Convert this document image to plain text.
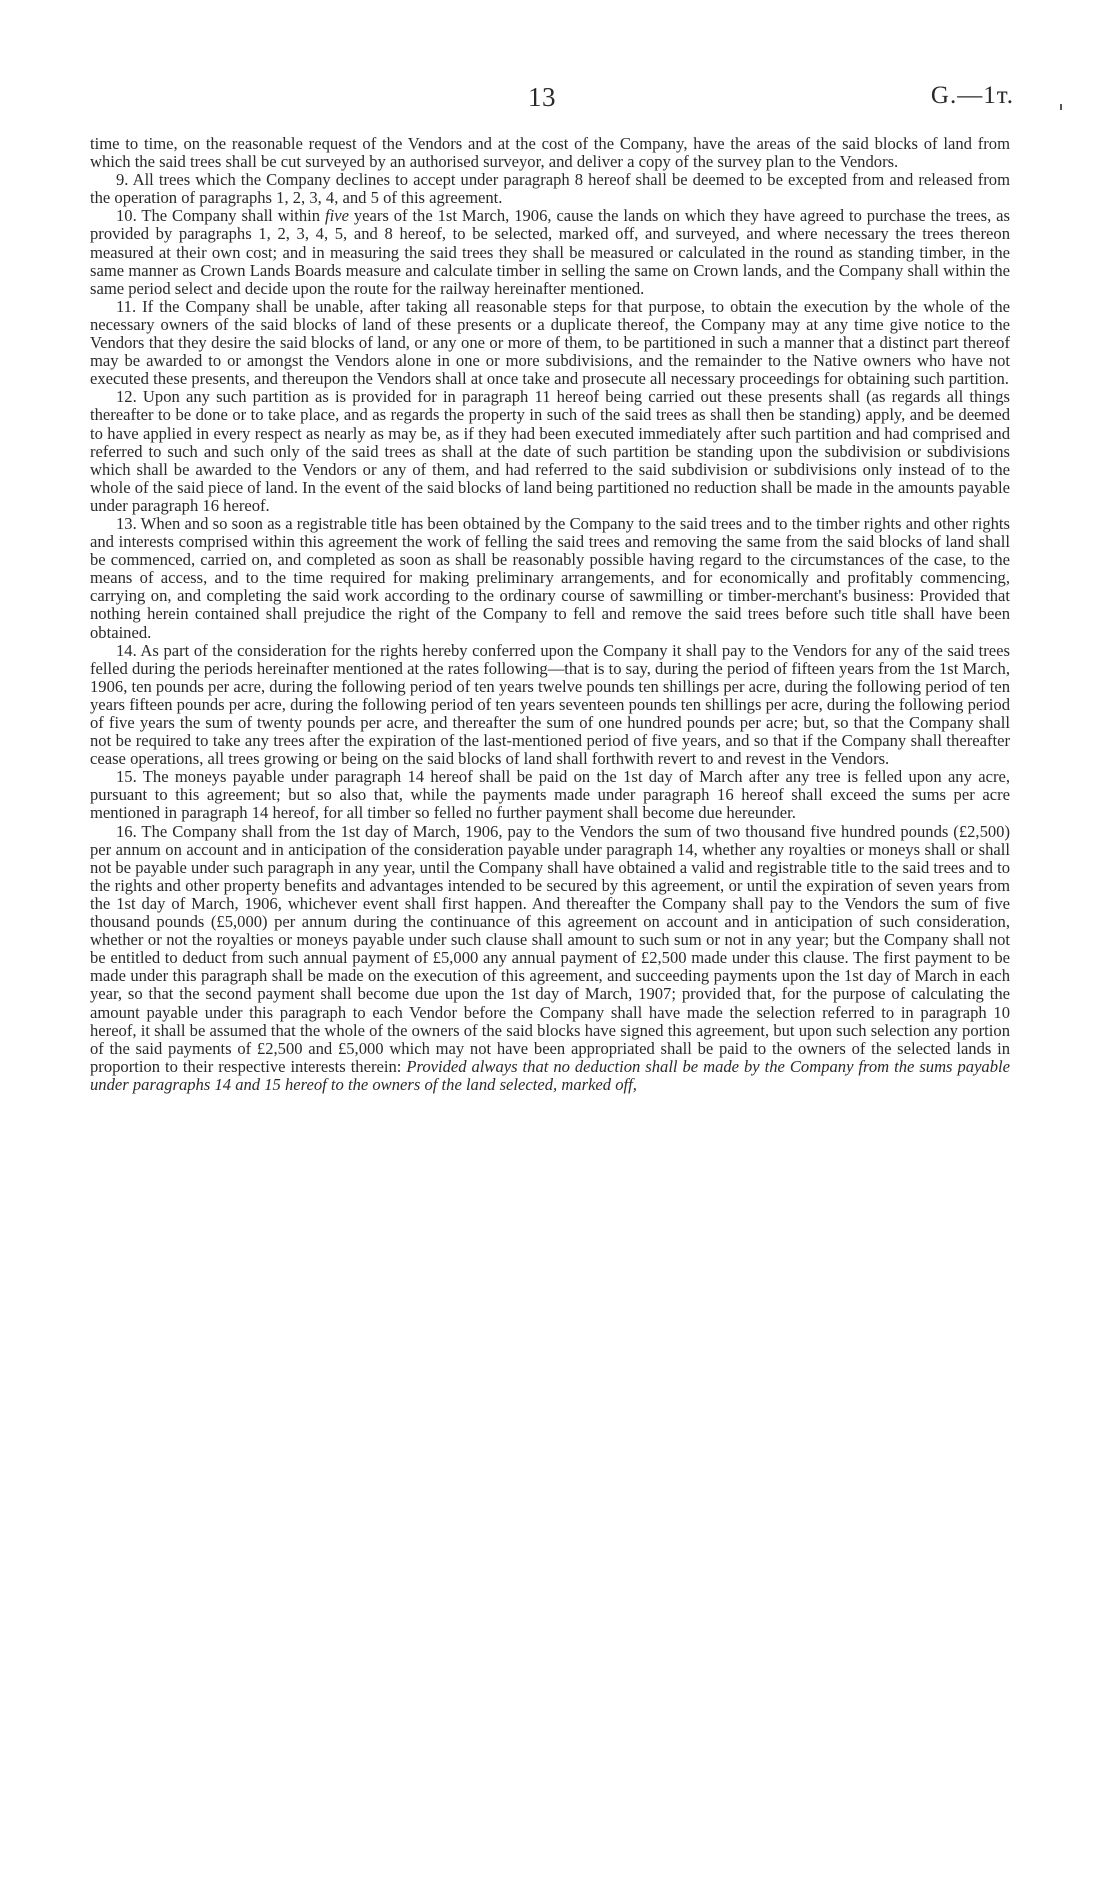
13	G.—1т.

time to time, on the reasonable request of the Vendors and at the cost of the Company, have the areas of the said blocks of land from which the said trees shall be cut surveyed by an authorised surveyor, and deliver a copy of the survey plan to the Vendors.

9. All trees which the Company declines to accept under paragraph 8 hereof shall be deemed to be excepted from and released from the operation of paragraphs 1, 2, 3, 4, and 5 of this agreement.

10. The Company shall within five years of the 1st March, 1906, cause the lands on which they have agreed to purchase the trees, as provided by paragraphs 1, 2, 3, 4, 5, and 8 hereof, to be selected, marked off, and surveyed, and where necessary the trees thereon measured at their own cost; and in measuring the said trees they shall be measured or calculated in the round as standing timber, in the same manner as Crown Lands Boards measure and calculate timber in selling the same on Crown lands, and the Company shall within the same period select and decide upon the route for the railway hereinafter mentioned.

11. If the Company shall be unable, after taking all reasonable steps for that purpose, to obtain the execution by the whole of the necessary owners of the said blocks of land of these presents or a duplicate thereof, the Company may at any time give notice to the Vendors that they desire the said blocks of land, or any one or more of them, to be partitioned in such a manner that a distinct part thereof may be awarded to or amongst the Vendors alone in one or more subdivisions, and the remainder to the Native owners who have not executed these presents, and thereupon the Vendors shall at once take and prosecute all necessary proceedings for obtaining such partition.

12. Upon any such partition as is provided for in paragraph 11 hereof being carried out these presents shall (as regards all things thereafter to be done or to take place, and as regards the property in such of the said trees as shall then be standing) apply, and be deemed to have applied in every respect as nearly as may be, as if they had been executed immediately after such partition and had comprised and referred to such and such only of the said trees as shall at the date of such partition be standing upon the subdivision or subdivisions which shall be awarded to the Vendors or any of them, and had referred to the said subdivision or subdivisions only instead of to the whole of the said piece of land. In the event of the said blocks of land being partitioned no reduction shall be made in the amounts payable under paragraph 16 hereof.

13. When and so soon as a registrable title has been obtained by the Company to the said trees and to the timber rights and other rights and interests comprised within this agreement the work of felling the said trees and removing the same from the said blocks of land shall be commenced, carried on, and completed as soon as shall be reasonably possible having regard to the circumstances of the case, to the means of access, and to the time required for making preliminary arrangements, and for economically and profitably commencing, carrying on, and completing the said work according to the ordinary course of sawmilling or timber-merchant's business: Provided that nothing herein contained shall prejudice the right of the Company to fell and remove the said trees before such title shall have been obtained.

14. As part of the consideration for the rights hereby conferred upon the Company it shall pay to the Vendors for any of the said trees felled during the periods hereinafter mentioned at the rates following—that is to say, during the period of fifteen years from the 1st March, 1906, ten pounds per acre, during the following period of ten years twelve pounds ten shillings per acre, during the following period of ten years fifteen pounds per acre, during the following period of ten years seventeen pounds ten shillings per acre, during the following period of five years the sum of twenty pounds per acre, and thereafter the sum of one hundred pounds per acre; but, so that the Company shall not be required to take any trees after the expiration of the last-mentioned period of five years, and so that if the Company shall thereafter cease operations, all trees growing or being on the said blocks of land shall forthwith revert to and revest in the Vendors.

15. The moneys payable under paragraph 14 hereof shall be paid on the 1st day of March after any tree is felled upon any acre, pursuant to this agreement; but so also that, while the payments made under paragraph 16 hereof shall exceed the sums per acre mentioned in paragraph 14 hereof, for all timber so felled no further payment shall become due hereunder.

16. The Company shall from the 1st day of March, 1906, pay to the Vendors the sum of two thousand five hundred pounds (£2,500) per annum on account and in anticipation of the consideration payable under paragraph 14, whether any royalties or moneys shall or shall not be payable under such paragraph in any year, until the Company shall have obtained a valid and registrable title to the said trees and to the rights and other property benefits and advantages intended to be secured by this agreement, or until the expiration of seven years from the 1st day of March, 1906, whichever event shall first happen. And thereafter the Company shall pay to the Vendors the sum of five thousand pounds (£5,000) per annum during the continuance of this agreement on account and in anticipation of such consideration, whether or not the royalties or moneys payable under such clause shall amount to such sum or not in any year; but the Company shall not be entitled to deduct from such annual payment of £5,000 any annual payment of £2,500 made under this clause. The first payment to be made under this paragraph shall be made on the execution of this agreement, and succeeding payments upon the 1st day of March in each year, so that the second payment shall become due upon the 1st day of March, 1907; provided that, for the purpose of calculating the amount payable under this paragraph to each Vendor before the Company shall have made the selection referred to in paragraph 10 hereof, it shall be assumed that the whole of the owners of the said blocks have signed this agreement, but upon such selection any portion of the said payments of £2,500 and £5,000 which may not have been appropriated shall be paid to the owners of the selected lands in proportion to their respective interests therein: Provided always that no deduction shall be made by the Company from the sums payable under paragraphs 14 and 15 hereof to the owners of the land selected, marked off,
